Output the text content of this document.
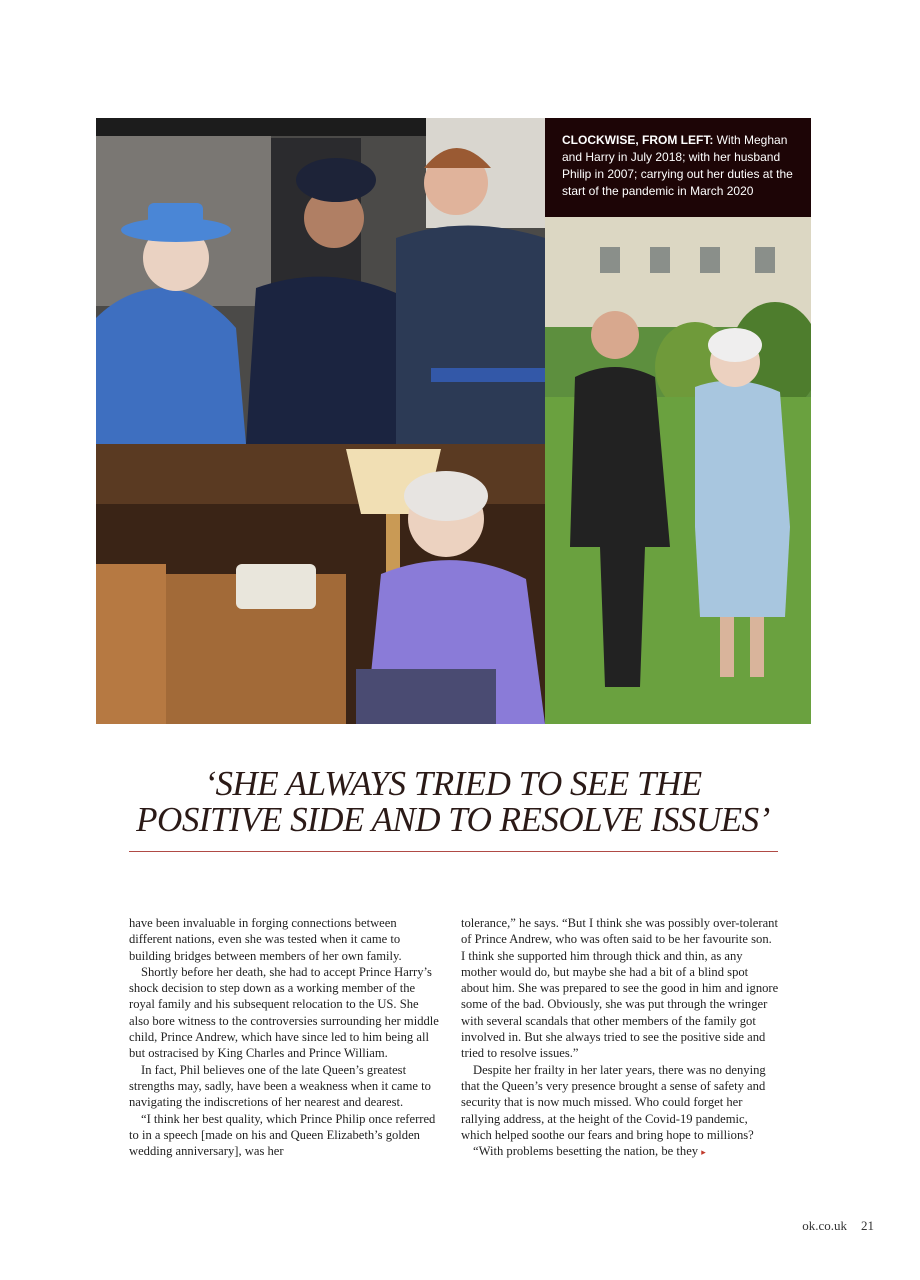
CLOCKWISE, FROM LEFT: With Meghan and Harry in July 2018; with her husband Philip in 2007; carrying out her duties at the start of the pandemic in March 2020
‘SHE ALWAYS TRIED TO SEE THE POSITIVE SIDE AND TO RESOLVE ISSUES’

have been invaluable in forging connections between different nations, even she was tested when it came to building bridges between members of her own family.

Shortly before her death, she had to accept Prince Harry’s shock decision to step down as a working member of the royal family and his subsequent relocation to the US. She also bore witness to the controversies surrounding her middle child, Prince Andrew, which have since led to him being all but ostracised by King Charles and Prince William.

In fact, Phil believes one of the late Queen’s greatest strengths may, sadly, have been a weakness when it came to navigating the indiscretions of her nearest and dearest.

“I think her best quality, which Prince Philip once referred to in a speech [made on his and Queen Elizabeth’s golden wedding anniversary], was her

tolerance,” he says. “But I think she was possibly over-tolerant of Prince Andrew, who was often said to be her favourite son. I think she supported him through thick and thin, as any mother would do, but maybe she had a bit of a blind spot about him. She was prepared to see the good in him and ignore some of the bad. Obviously, she was put through the wringer with several scandals that other members of the family got involved in. But she always tried to see the positive side and tried to resolve issues.”

Despite her frailty in her later years, there was no denying that the Queen’s very presence brought a sense of safety and security that is now much missed. Who could forget her rallying address, at the height of the Covid-19 pandemic, which helped soothe our fears and bring hope to millions?

“With problems besetting the nation, be they ▸

ok.co.uk 21
